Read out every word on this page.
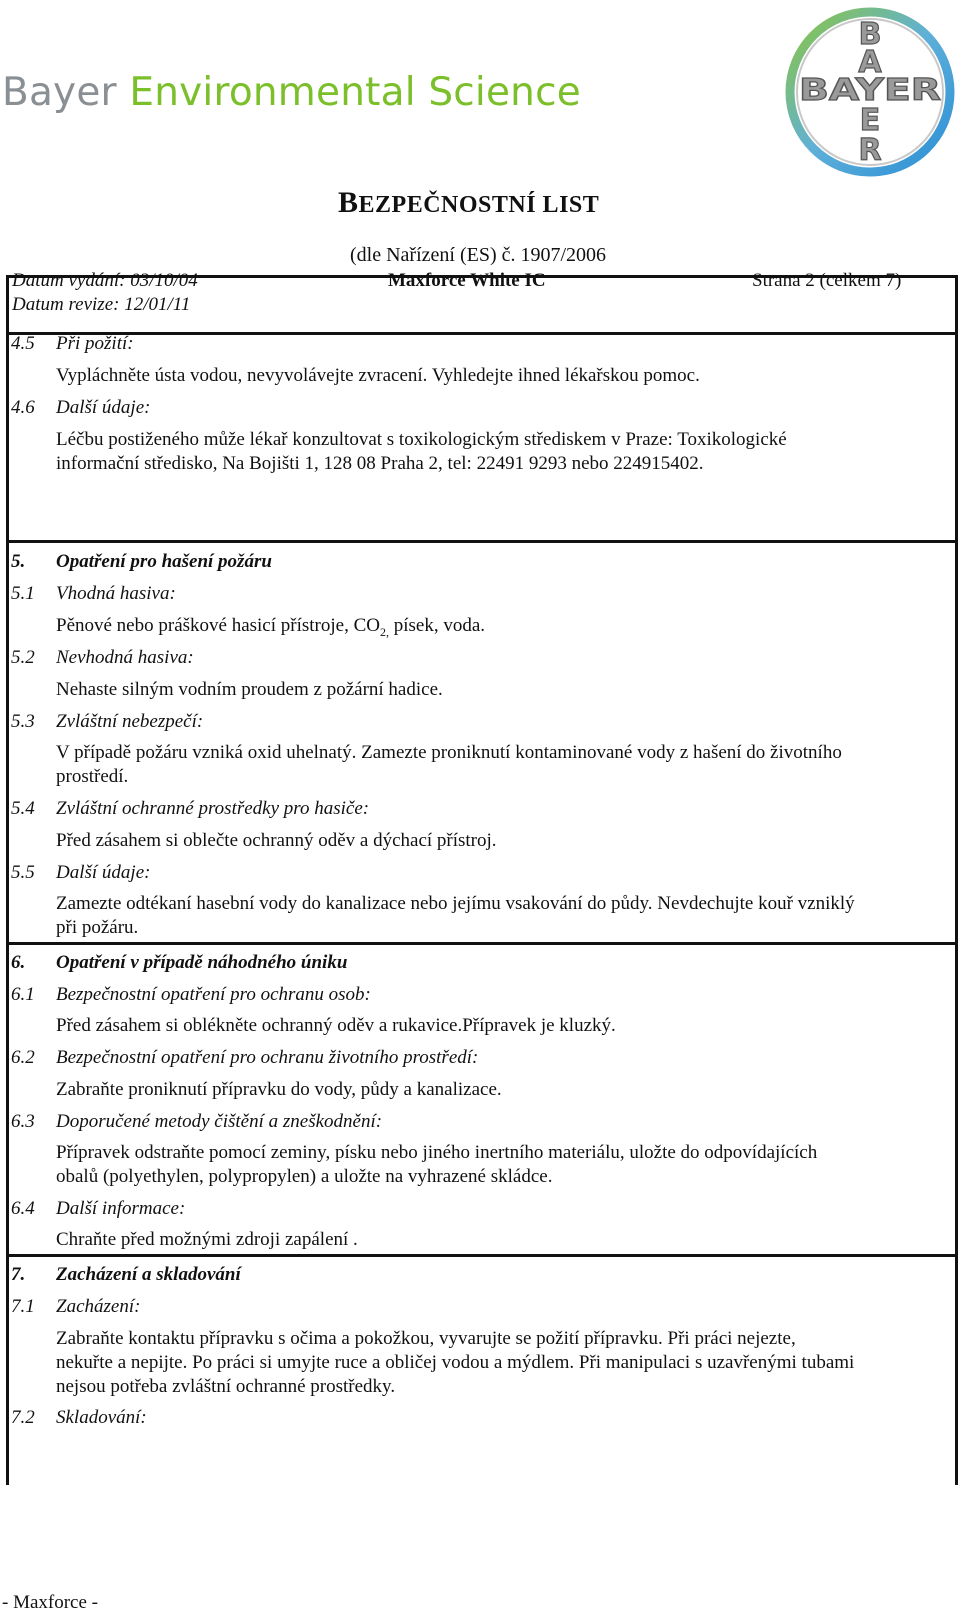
Bayer Environmental Science
B
A
BAYER
E
R
BEZPEČNOSTNÍ LIST
(dle Nařízení (ES) č. 1907/2006
Datum vydání: 03/10/04
Datum revize: 12/01/11
Maxforce White IC	Strana 2 (celkem 7)
4.5 Při požití:
Vypláchněte ústa vodou, nevyvolávejte zvracení. Vyhledejte ihned lékařskou pomoc.
4.6 Další údaje:
Léčbu postiženého může lékař konzultovat s toxikologickým střediskem v Praze: Toxikologické
informační středisko, Na Bojišti 1, 128 08 Praha 2, tel: 22491 9293 nebo 224915402.
5. Opatření pro hašení požáru
5.1 Vhodná hasiva:
Pěnové nebo práškové hasicí přístroje, $CO_{2,}$ písek, voda.
5.2 Nevhodná hasiva:
Nehaste silným vodním proudem z požární hadice.
5.3 Zvláštní nebezpečí:
V případě požáru vzniká oxid uhelnatý. Zamezte proniknutí kontaminované vody z hašení do životního
prostředí.
5.4 Zvláštní ochranné prostředky pro hasiče:
Před zásahem si oblečte ochranný oděv a dýchací přístroj.
5.5 Další údaje:
Zamezte odtékaní hasební vody do kanalizace nebo jejímu vsakování do půdy. Nevdechujte kouř vzniklý
při požáru.
6. Opatření v případě náhodného úniku
6.1 Bezpečnostní opatření pro ochranu osob:
Před zásahem si oblékněte ochranný oděv a rukavice.Přípravek je kluzký.
6.2 Bezpečnostní opatření pro ochranu životního prostředí:
Zabraňte proniknutí přípravku do vody, půdy a kanalizace.
6.3 Doporučené metody čištění a zneškodnění:
Přípravek odstraňte pomocí zeminy, písku nebo jiného inertního materiálu, uložte do odpovídajících
obalů (polyethylen, polypropylen) a uložte na vyhrazené skládce.
6.4 Další informace:
Chraňte před možnými zdroji zapálení .
7. Zacházení a skladování
7.1 Zacházení:
Zabraňte kontaktu přípravku s očima a pokožkou, vyvarujte se požití přípravku. Při práci nejezte,
nekuřte a nepijte. Po práci si umyjte ruce a obličej vodou a mýdlem. Při manipulaci s uzavřenými tubami
nejsou potřeba zvláštní ochranné prostředky.
7.2 Skladování:
- Maxforce -
